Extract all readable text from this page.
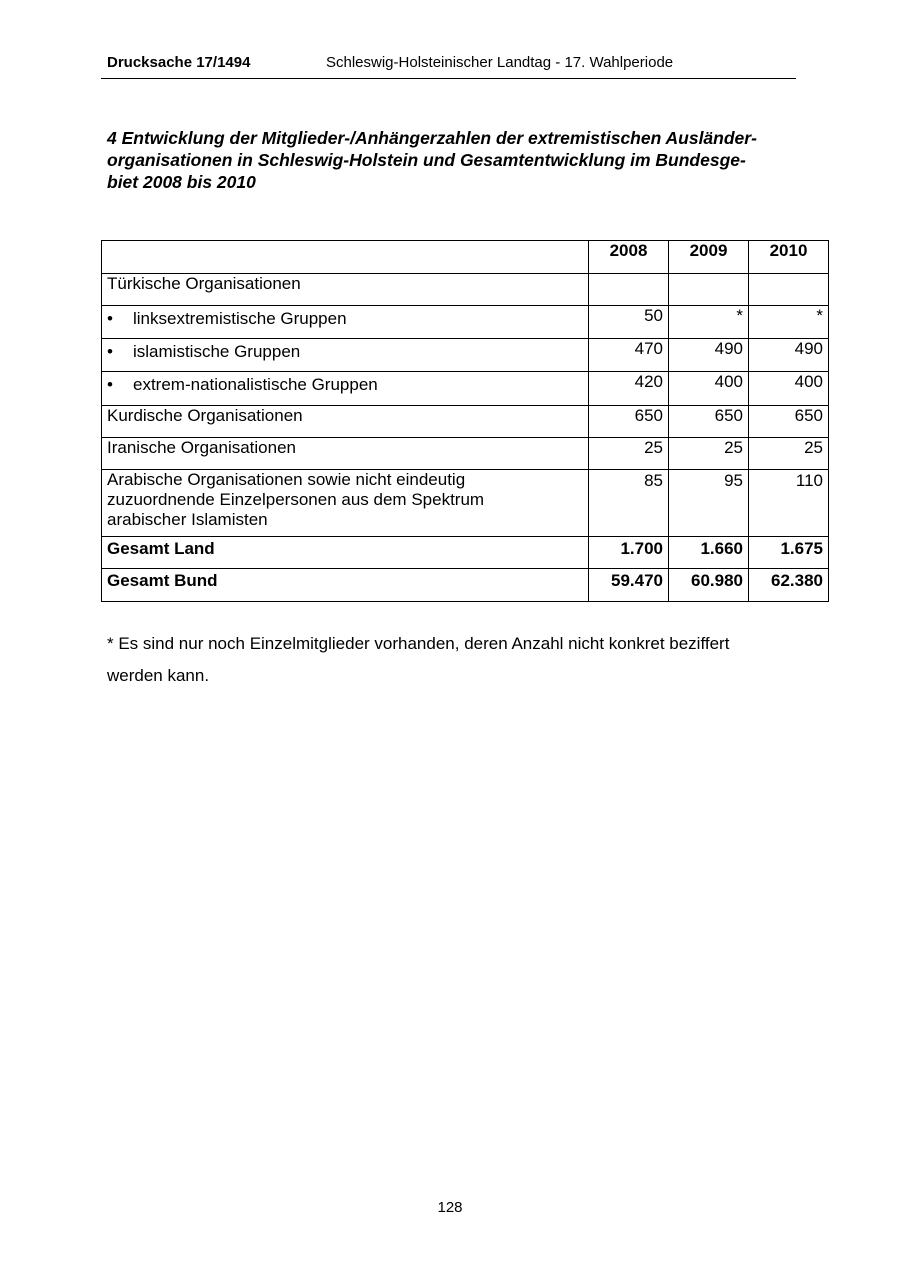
Drucksache 17/1494	Schleswig-Holsteinischer Landtag - 17. Wahlperiode
4 Entwicklung der Mitglieder-/Anhängerzahlen der extremistischen Ausländer-
organisationen in Schleswig-Holstein und Gesamtentwicklung im Bundesge-
biet 2008 bis 2010
	2008	2009	2010
Türkische Organisationen			
• linksextremistische Gruppen	50	*	*
• islamistische Gruppen	470	490	490
• extrem-nationalistische Gruppen	420	400	400
Kurdische Organisationen	650	650	650
Iranische Organisationen	25	25	25

Arabische Organisationen sowie nicht eindeutig
zuzuordnende Einzelpersonen aus dem Spektrum
arabischer Islamisten	85	95	110
Gesamt Land	1.700	1.660	1.675
Gesamt Bund	59.470	60.980	62.380
* Es sind nur noch Einzelmitglieder vorhanden, deren Anzahl nicht konkret beziffert
werden kann.
128
